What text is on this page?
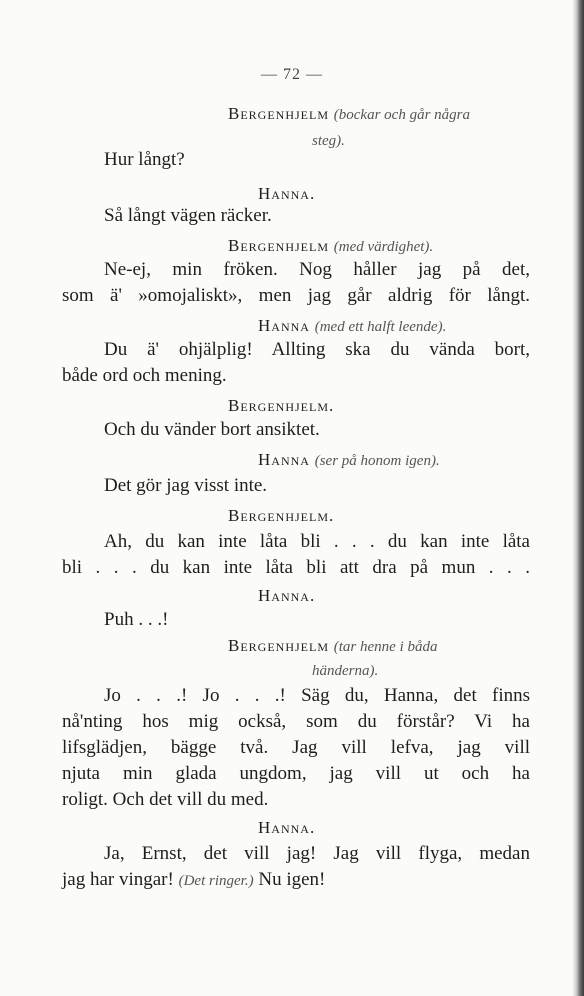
— 72 —
Bergenhjelm (bockar och går några
steg).
Hur långt?
Hanna.
Så långt vägen räcker.
Bergenhjelm (med värdighet).
Ne-ej, min fröken. Nog håller jag på det,
som ä' »omojaliskt», men jag går aldrig för långt.
Hanna (med ett halft leende).
Du ä' ohjälplig! Allting ska du vända bort,
både ord och mening.
Bergenhjelm.
Och du vänder bort ansiktet.
Hanna (ser på honom igen).
Det gör jag visst inte.
Bergenhjelm.
Ah, du kan inte låta bli . . . du kan inte låta
bli . . . du kan inte låta bli att dra på mun . . .
Hanna.
Puh . . .!
Bergenhjelm (tar henne i båda
händerna).
Jo . . .! Jo . . .! Säg du, Hanna, det finns
nå'nting hos mig också, som du förstår? Vi ha
lifsglädjen, bägge två. Jag vill lefva, jag vill
njuta min glada ungdom, jag vill ut och ha
roligt. Och det vill du med.
Hanna.
Ja, Ernst, det vill jag! Jag vill flyga, medan
jag har vingar! (Det ringer.) Nu igen!
